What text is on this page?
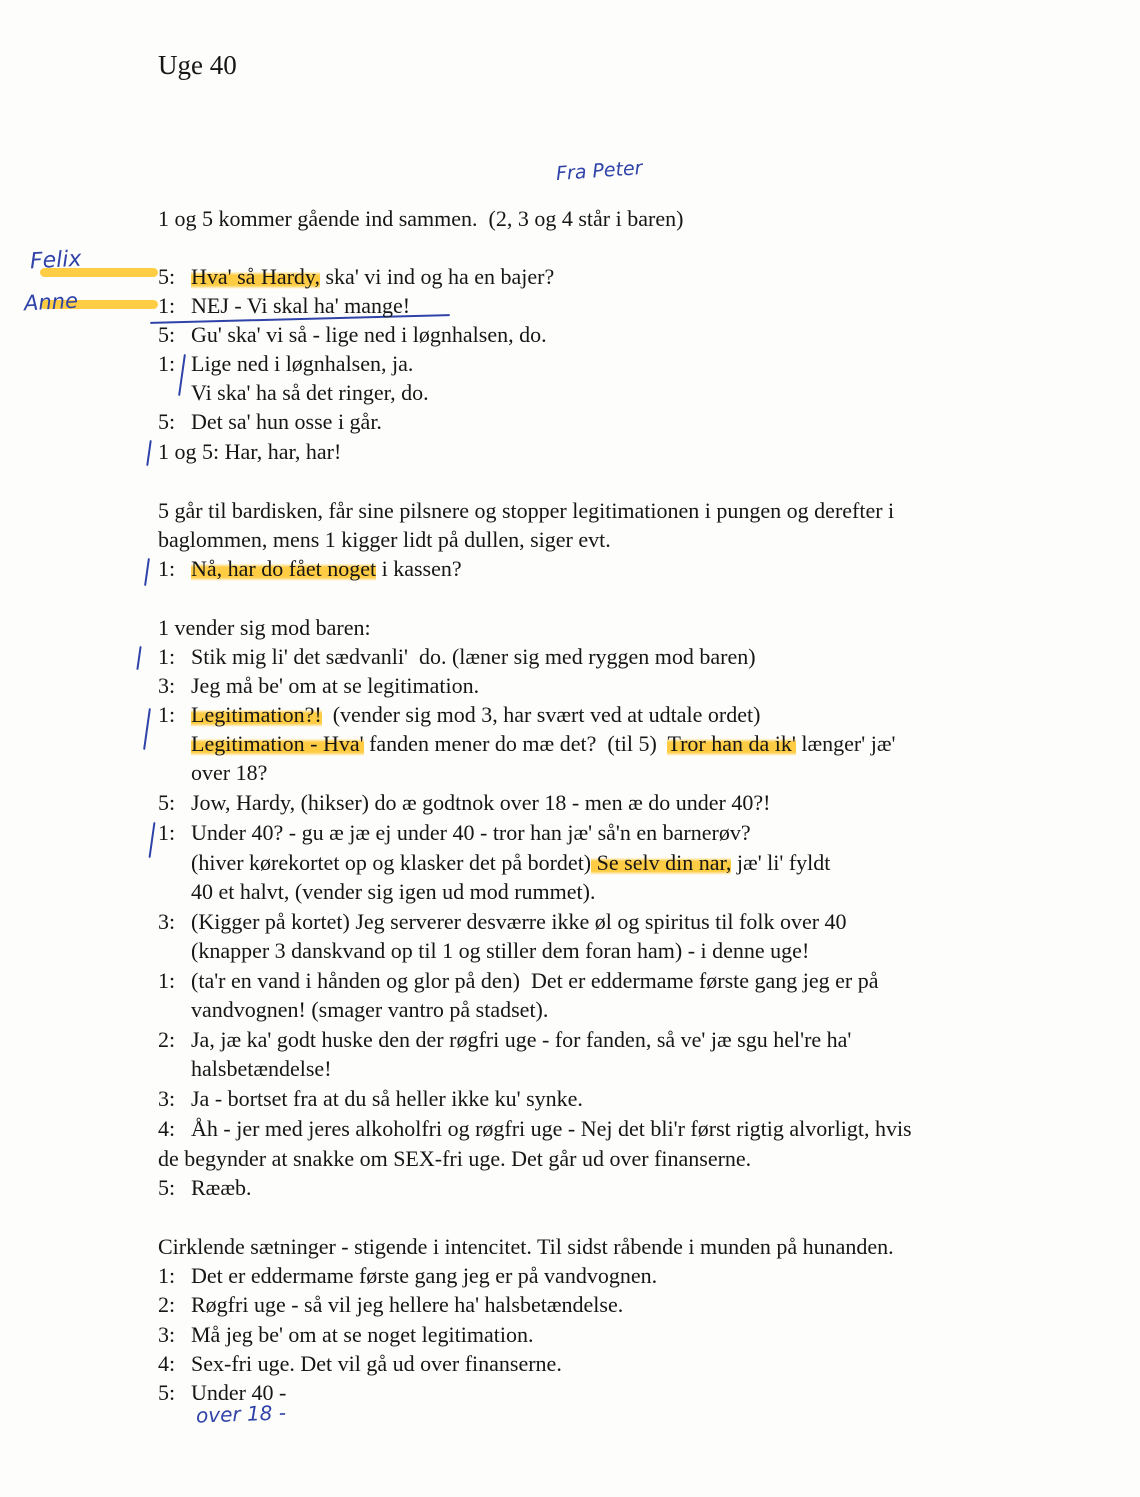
Uge 40
Fra Peter
Felix
Anne
1 og 5 kommer gående ind sammen.  (2, 3 og 4 står i baren)
5: Hva' så Hardy, ska' vi ind og ha en bajer?
1: NEJ - Vi skal ha' mange!
5: Gu' ska' vi så - lige ned i løgnhalsen, do.
1: Lige ned i løgnhalsen, ja.
Vi ska' ha så det ringer, do.
5: Det sa' hun osse i går.
1 og 5: Har, har, har!
5 går til bardisken, får sine pilsnere og stopper legitimationen i pungen og derefter i
baglommen, mens 1 kigger lidt på dullen, siger evt.
1: Nå, har do fået noget i kassen?
1 vender sig mod baren:
1: Stik mig li' det sædvanli'  do. (læner sig med ryggen mod baren)
3: Jeg må be' om at se legitimation.
1: Legitimation?!  (vender sig mod 3, har svært ved at udtale ordet)
Legitimation - Hva' fanden mener do mæ det?  (til 5)  Tror han da ik' længer' jæ'
over 18?
5: Jow, Hardy, (hikser) do æ godtnok over 18 - men æ do under 40?!
1: Under 40? - gu æ jæ ej under 40 - tror han jæ' så'n en barnerøv?
(hiver kørekortet op og klasker det på bordet) Se selv din nar, jæ' li' fyldt
40 et halvt, (vender sig igen ud mod rummet).
3: (Kigger på kortet) Jeg serverer desværre ikke øl og spiritus til folk over 40
(knapper 3 danskvand op til 1 og stiller dem foran ham) - i denne uge!
1: (ta'r en vand i hånden og glor på den)  Det er eddermame første gang jeg er på
vandvognen! (smager vantro på stadset).
2: Ja, jæ ka' godt huske den der røgfri uge - for fanden, så ve' jæ sgu hel're ha'
halsbetændelse!
3: Ja - bortset fra at du så heller ikke ku' synke.
4: Åh - jer med jeres alkoholfri og røgfri uge - Nej det bli'r først rigtig alvorligt, hvis
de begynder at snakke om SEX-fri uge. Det går ud over finanserne.
5: Rææb.
Cirklende sætninger - stigende i intencitet. Til sidst råbende i munden på hunanden.
1: Det er eddermame første gang jeg er på vandvognen.
2: Røgfri uge - så vil jeg hellere ha' halsbetændelse.
3: Må jeg be' om at se noget legitimation.
4: Sex-fri uge. Det vil gå ud over finanserne.
5: Under 40 -
over 18 -
